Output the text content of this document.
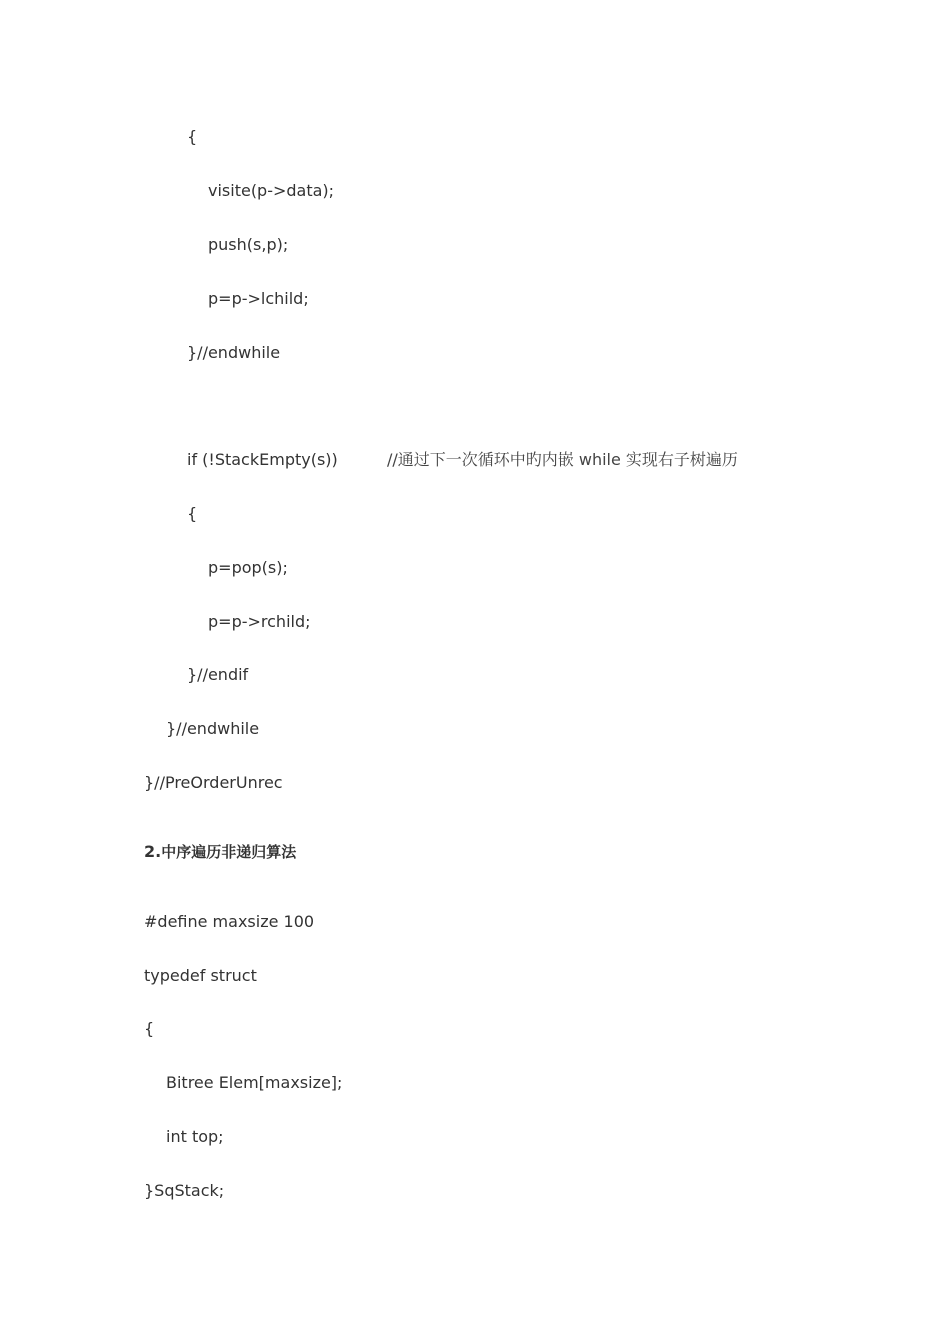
{
visite(p->data);
push(s,p);
p=p->lchild;
}//endwhile
if (!StackEmpty(s))	//通过下一次循环中旳内嵌 while 实现右子树遍历
{
p=pop(s);
p=p->rchild;
}//endif
}//endwhile
}//PreOrderUnrec
2.中序遍历非递归算法
#define maxsize 100
typedef struct
{
Bitree Elem[maxsize];
int top;
}SqStack;
